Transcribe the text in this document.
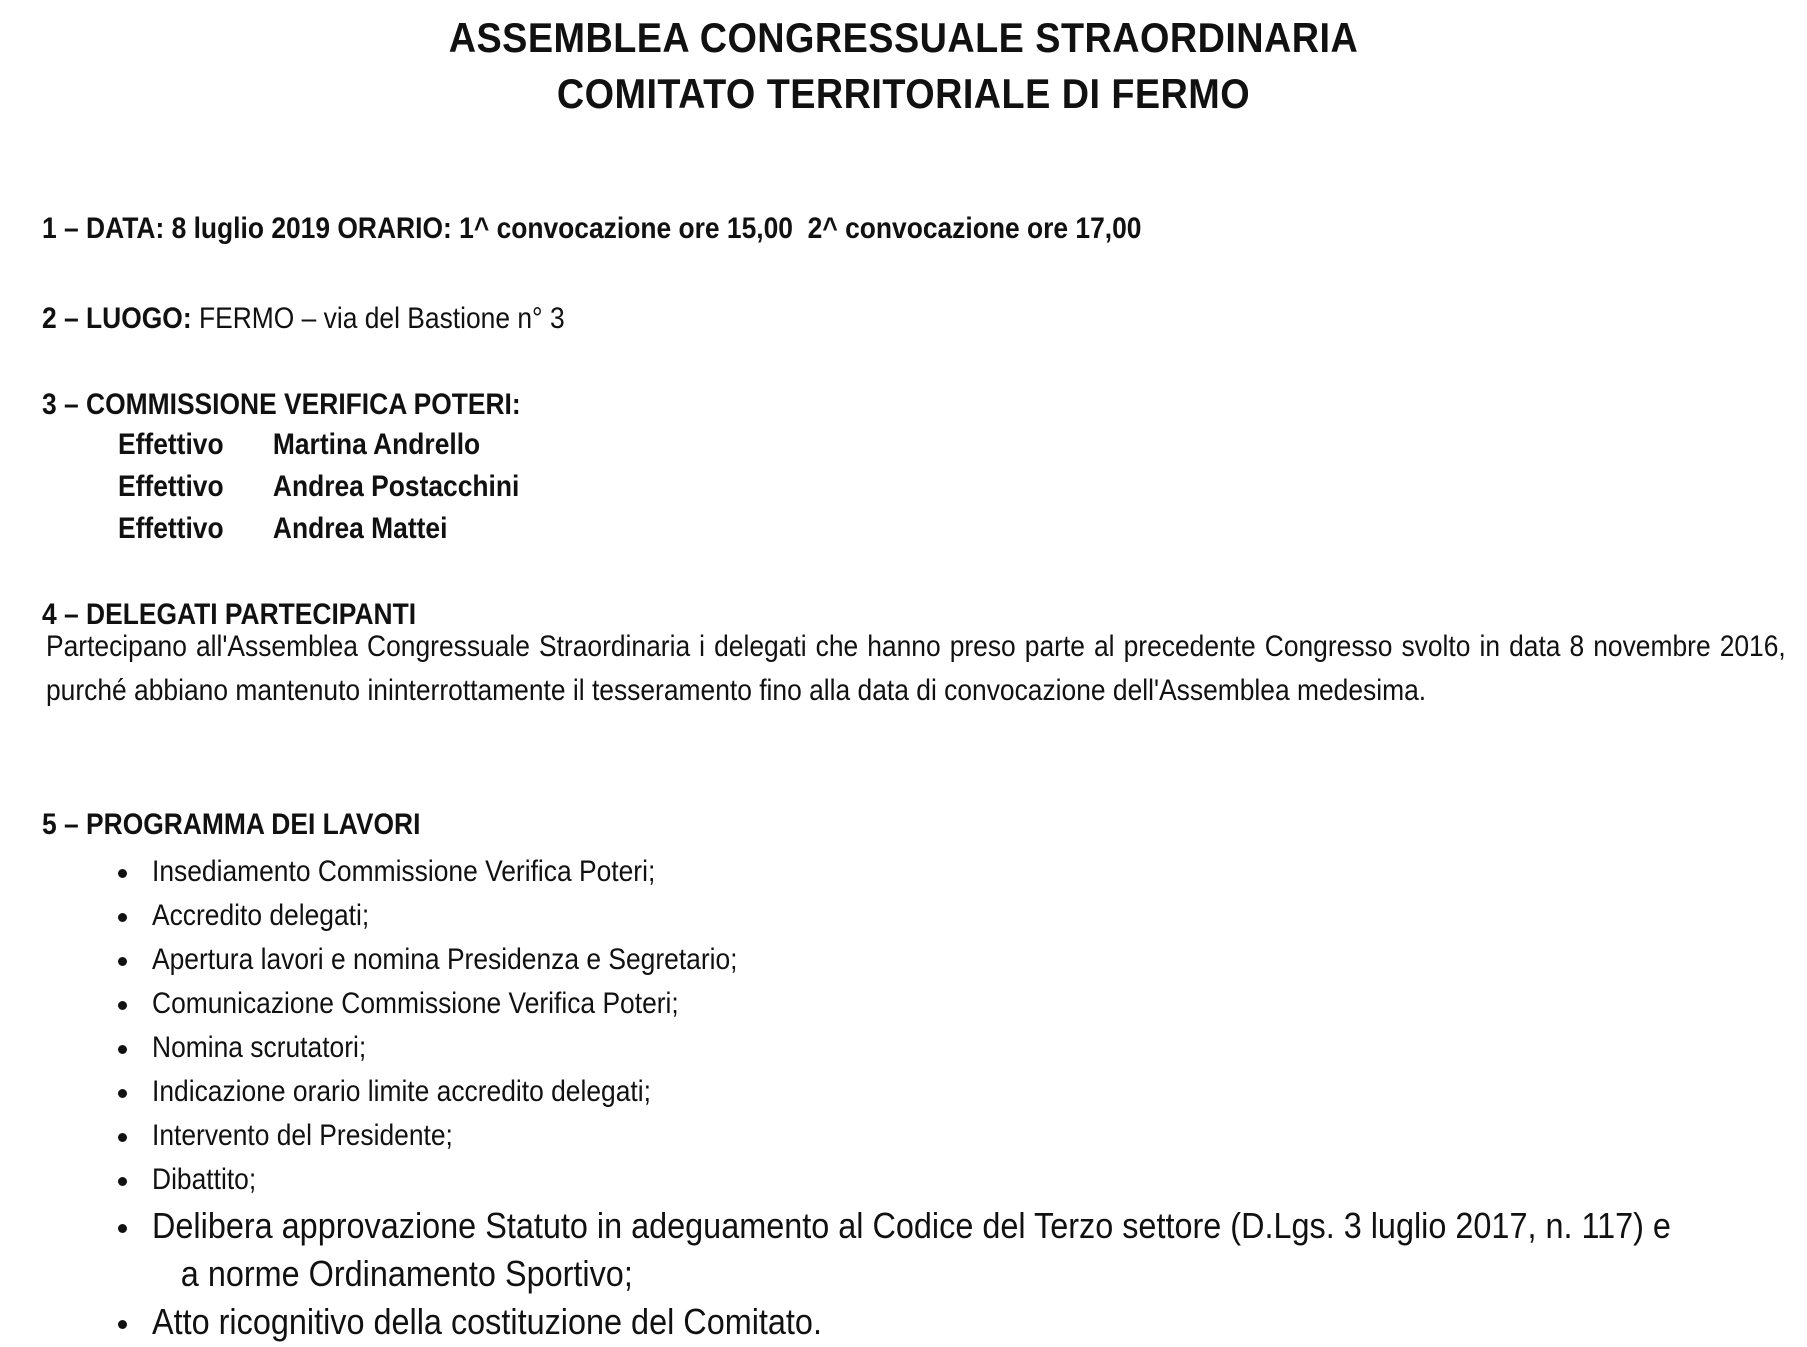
ASSEMBLEA CONGRESSUALE STRAORDINARIA
COMITATO TERRITORIALE DI FERMO
1 – DATA: 8 luglio 2019 ORARIO: 1^ convocazione ore 15,00 2^ convocazione ore 17,00
2 – LUOGO: FERMO – via del Bastione n° 3
3 – COMMISSIONE VERIFICA POTERI:
Effettivo Martina Andrello
Effettivo Andrea Postacchini
Effettivo Andrea Mattei
4 – DELEGATI PARTECIPANTI
Partecipano all'Assemblea Congressuale Straordinaria i delegati che hanno preso parte al precedente Congresso svolto in data 8 novembre 2016, purché abbiano mantenuto ininterrottamente il tesseramento fino alla data di convocazione dell'Assemblea medesima.
5 – PROGRAMMA DEI LAVORI
Insediamento Commissione Verifica Poteri;
Accredito delegati;
Apertura lavori e nomina Presidenza e Segretario;
Comunicazione Commissione Verifica Poteri;
Nomina scrutatori;
Indicazione orario limite accredito delegati;
Intervento del Presidente;
Dibattito;
Delibera approvazione Statuto in adeguamento al Codice del Terzo settore (D.Lgs. 3 luglio 2017, n. 117) e
a norme Ordinamento Sportivo;
Atto ricognitivo della costituzione del Comitato.
